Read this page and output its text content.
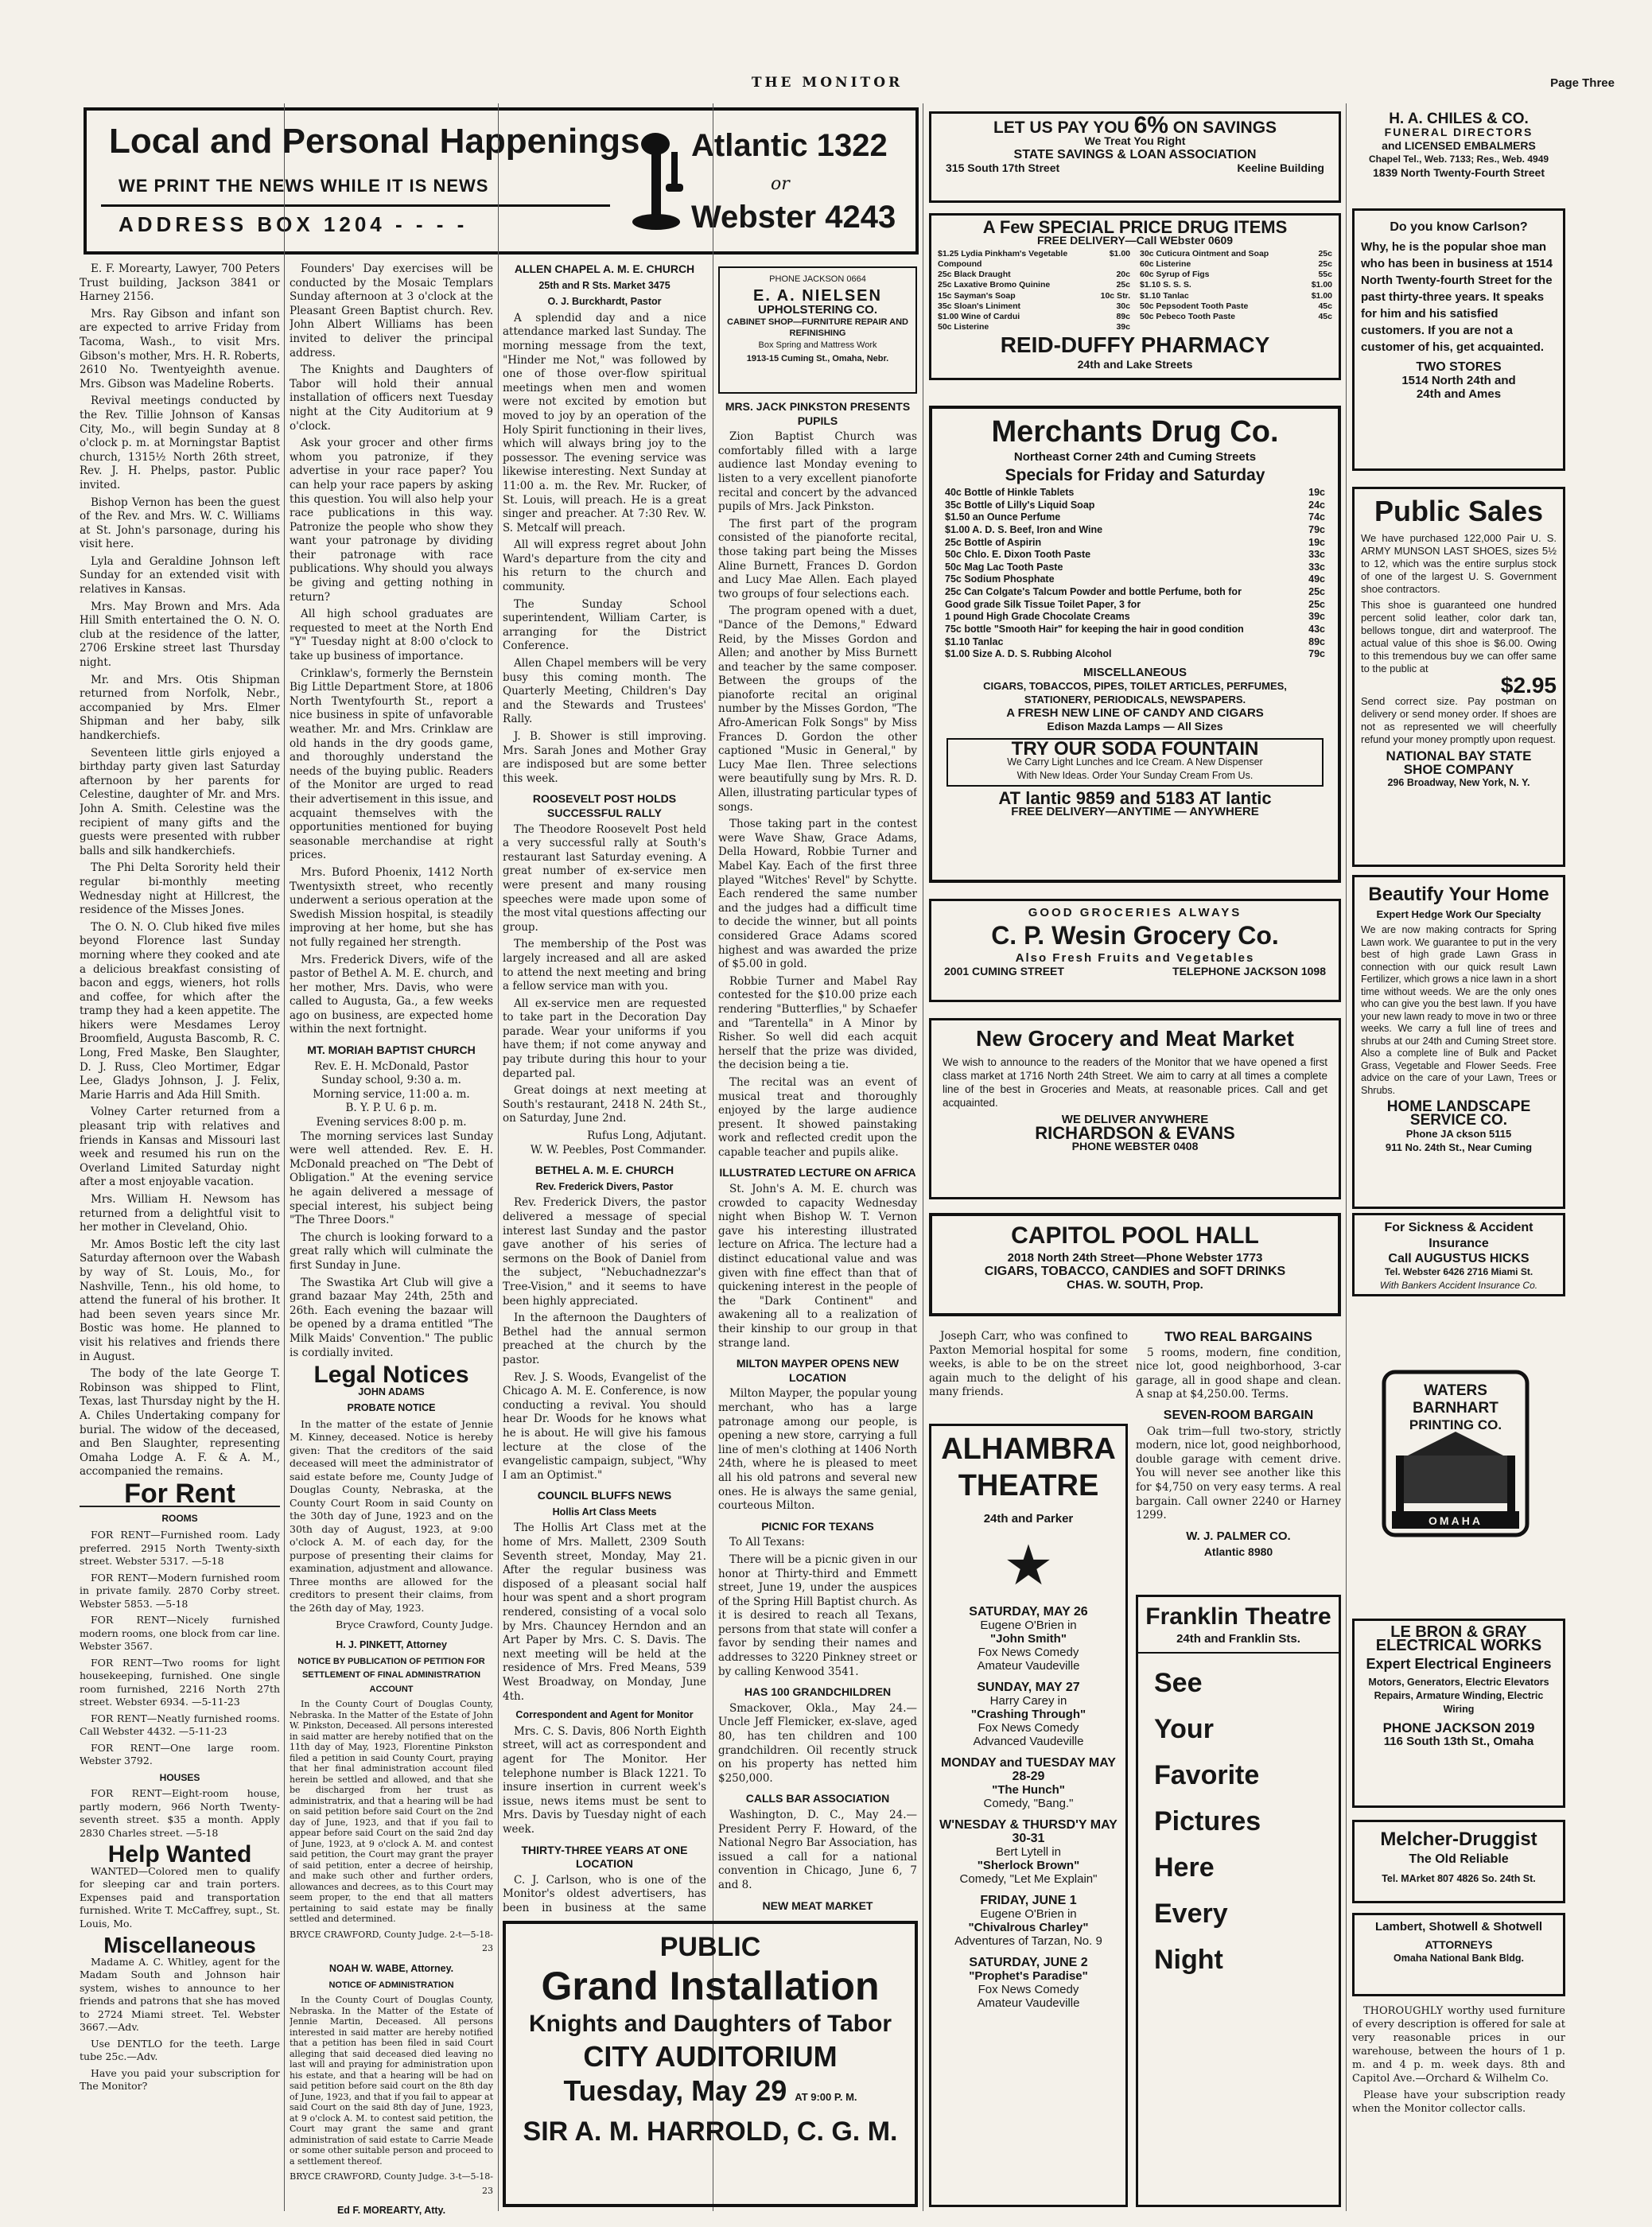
THE MONITOR	Page Three
Local and Personal Happenings
WE PRINT THE NEWS WHILE IT IS NEWS
ADDRESS BOX 1204 - - - -
Atlantic 1322
or
Webster 4243

E. F. Morearty, Lawyer, 700 Peters Trust building, Jackson 3841 or Harney 2156.

Mrs. Ray Gibson and infant son are expected to arrive Friday from Tacoma, Wash., to visit Mrs. Gibson's mother, Mrs. H. R. Roberts, 2610 No. Twentyeighth avenue. Mrs. Gibson was Madeline Roberts.

Revival meetings conducted by the Rev. Tillie Johnson of Kansas City, Mo., will begin Sunday at 8 o'clock p. m. at Morningstar Baptist church, 1315½ North 26th street, Rev. J. H. Phelps, pastor. Public invited.

Bishop Vernon has been the guest of the Rev. and Mrs. W. C. Williams at St. John's parsonage, during his visit here.

Lyla and Geraldine Johnson left Sunday for an extended visit with relatives in Kansas.

Mrs. May Brown and Mrs. Ada Hill Smith entertained the O. N. O. club at the residence of the latter, 2706 Erskine street last Thursday night.

Mr. and Mrs. Otis Shipman returned from Norfolk, Nebr., accompanied by Mrs. Elmer Shipman and her baby, silk handkerchiefs.

Seventeen little girls enjoyed a birthday party given last Saturday afternoon by her parents for Celestine, daughter of Mr. and Mrs. John A. Smith. Celestine was the recipient of many gifts and the guests were presented with rubber balls and silk handkerchiefs.

The Phi Delta Sorority held their regular bi-monthly meeting Wednesday night at Hillcrest, the residence of the Misses Jones.

The O. N. O. Club hiked five miles beyond Florence last Sunday morning where they cooked and ate a delicious breakfast consisting of bacon and eggs, wieners, hot rolls and coffee, for which after the tramp they had a keen appetite. The hikers were Mesdames Leroy Broomfield, Augusta Bascomb, R. C. Long, Fred Maske, Ben Slaughter, D. J. Russ, Cleo Mortimer, Edgar Lee, Gladys Johnson, J. J. Felix, Marie Harris and Ada Hill Smith.

Volney Carter returned from a pleasant trip with relatives and friends in Kansas and Missouri last week and resumed his run on the Overland Limited Saturday night after a most enjoyable vacation.

Mrs. William H. Newsom has returned from a delightful visit to her mother in Cleveland, Ohio.

Mr. Amos Bostic left the city last Saturday afternoon over the Wabash by way of St. Louis, Mo., for Nashville, Tenn., his old home, to attend the funeral of his brother. It had been seven years since Mr. Bostic was home. He planned to visit his relatives and friends there in August.

The body of the late George T. Robinson was shipped to Flint, Texas, last Thursday night by the H. A. Chiles Undertaking company for burial. The widow of the deceased, and Ben Slaughter, representing Omaha Lodge A. F. & A. M., accompanied the remains.

For Rent
ROOMS

FOR RENT—Furnished room. Lady preferred. 2915 North Twenty-sixth street. Webster 5317. —5-18

FOR RENT—Modern furnished room in private family. 2870 Corby street. Webster 5853. —5-18

FOR RENT—Nicely furnished modern rooms, one block from car line. Webster 3567.

FOR RENT—Two rooms for light housekeeping, furnished. One single room furnished, 2216 North 27th street. Webster 6934. —5-11-23

FOR RENT—Neatly furnished rooms. Call Webster 4432. —5-11-23

FOR RENT—One large room. Webster 3792.

HOUSES

FOR RENT—Eight-room house, partly modern, 966 North Twenty-seventh street. $35 a month. Apply 2830 Charles street. —5-18

Help Wanted

WANTED—Colored men to qualify for sleeping car and train porters. Expenses paid and transportation furnished. Write T. McCaffrey, supt., St. Louis, Mo.

Miscellaneous

Madame A. C. Whitley, agent for the Madam South and Johnson hair system, wishes to announce to her friends and patrons that she has moved to 2724 Miami street. Tel. Webster 3667.—Adv.

Use DENTLO for the teeth. Large tube 25c.—Adv.

Have you paid your subscription for The Monitor?

Founders' Day exercises will be conducted by the Mosaic Templars Sunday afternoon at 3 o'clock at the Pleasant Green Baptist church. Rev. John Albert Williams has been invited to deliver the principal address.

The Knights and Daughters of Tabor will hold their annual installation of officers next Tuesday night at the City Auditorium at 9 o'clock.

Ask your grocer and other firms whom you patronize, if they advertise in your race paper? You can help your race papers by asking this question. You will also help your race publications in this way. Patronize the people who show they want your patronage by dividing their patronage with race publications. Why should you always be giving and getting nothing in return?

All high school graduates are requested to meet at the North End "Y" Tuesday night at 8:00 o'clock to take up business of importance.

Crinklaw's, formerly the Bernstein Big Little Department Store, at 1806 North Twentyfourth St., report a nice business in spite of unfavorable weather. Mr. and Mrs. Crinklaw are old hands in the dry goods game, and thoroughly understand the needs of the buying public. Readers of the Monitor are urged to read their advertisement in this issue, and acquaint themselves with the opportunities mentioned for buying seasonable merchandise at right prices.

Mrs. Buford Phoenix, 1412 North Twentysixth street, who recently underwent a serious operation at the Swedish Mission hospital, is steadily improving at her home, but she has not fully regained her strength.

Mrs. Frederick Divers, wife of the pastor of Bethel A. M. E. church, and her mother, Mrs. Davis, who were called to Augusta, Ga., a few weeks ago on business, are expected home within the next fortnight.

MT. MORIAH BAPTIST CHURCH
Rev. E. H. McDonald, Pastor
Sunday school, 9:30 a. m.
Morning service, 11:00 a. m.
B. Y. P. U. 6 p. m.
Evening services 8:00 p. m.

The morning services last Sunday were well attended. Rev. E. H. McDonald preached on "The Debt of Obligation." At the evening service he again delivered a message of special interest, his subject being "The Three Doors."

The church is looking forward to a great rally which will culminate the first Sunday in June.

The Swastika Art Club will give a grand bazaar May 24th, 25th and 26th. Each evening the bazaar will be opened by a drama entitled "The Milk Maids' Convention." The public is cordially invited.

Legal Notices
JOHN ADAMS
PROBATE NOTICE

In the matter of the estate of Jennie M. Kinney, deceased. Notice is hereby given: That the creditors of the said deceased will meet the administrator of said estate before me, County Judge of Douglas County, Nebraska, at the County Court Room in said County on the 30th day of June, 1923 and on the 30th day of August, 1923, at 9:00 o'clock A. M. of each day, for the purpose of presenting their claims for examination, adjustment and allowance. Three months are allowed for the creditors to present their claims, from the 26th day of May, 1923.

Bryce Crawford, County Judge.
H. J. PINKETT, Attorney
NOTICE BY PUBLICATION OF PETITION FOR SETTLEMENT OF FINAL ADMINISTRATION ACCOUNT

In the County Court of Douglas County, Nebraska. In the Matter of the Estate of John W. Pinkston, Deceased. All persons interested in said matter are hereby notified that on the 11th day of May, 1923, Florentine Pinkston filed a petition in said County Court, praying that her final administration account filed herein be settled and allowed, and that she be discharged from her trust as administratrix, and that a hearing will be had on said petition before said Court on the 2nd day of June, 1923, and that if you fail to appear before said Court on the said 2nd day of June, 1923, at 9 o'clock A. M. and contest said petition, the Court may grant the prayer of said petition, enter a decree of heirship, and make such other and further orders, allowances and decrees, as to this Court may seem proper, to the end that all matters pertaining to said estate may be finally settled and determined.

BRYCE CRAWFORD, County Judge. 2-t—5-18-23
NOAH W. WABE, Attorney.
NOTICE OF ADMINISTRATION

In the County Court of Douglas County, Nebraska. In the Matter of the Estate of Jennie Martin, Deceased. All persons interested in said matter are hereby notified that a petition has been filed in said Court alleging that said deceased died leaving no last will and praying for administration upon his estate, and that a hearing will be had on said petition before said court on the 8th day of June, 1923, and that if you fail to appear at said Court on the said 8th day of June, 1923, at 9 o'clock A. M. to contest said petition, the Court may grant the same and grant administration of said estate to Carrie Meade or some other suitable person and proceed to a settlement thereof.

BRYCE CRAWFORD, County Judge. 3-t—5-18-23
Ed F. MOREARTY, Atty.

ALLEN CHAPEL A. M. E. CHURCH
25th and R Sts. Market 3475
O. J. Burckhardt, Pastor

A splendid day and a nice attendance marked last Sunday. The morning message from the text, "Hinder me Not," was followed by one of those over-flow spiritual meetings when men and women were not excited by emotion but moved to joy by an operation of the Holy Spirit functioning in their lives, which will always bring joy to the possessor. The evening service was likewise interesting. Next Sunday at 11:00 a. m. the Rev. Mr. Rucker, of St. Louis, will preach. He is a great singer and preacher. At 7:30 Rev. W. S. Metcalf will preach.

All will express regret about John Ward's departure from the city and his return to the church and community.

The Sunday School superintendent, William Carter, is arranging for the District Conference.

Allen Chapel members will be very busy this coming month. The Quarterly Meeting, Children's Day and the Stewards and Trustees' Rally.

J. B. Shower is still improving. Mrs. Sarah Jones and Mother Gray are indisposed but are some better this week.

ROOSEVELT POST HOLDS SUCCESSFUL RALLY

The Theodore Roosevelt Post held a very successful rally at South's restaurant last Saturday evening. A great number of ex-service men were present and many rousing speeches were made upon some of the most vital questions affecting our group.

The membership of the Post was largely increased and all are asked to attend the next meeting and bring a fellow service man with you.

All ex-service men are requested to take part in the Decoration Day parade. Wear your uniforms if you have them; if not come anyway and pay tribute during this hour to your departed pal.

Great doings at next meeting at South's restaurant, 2418 N. 24th St., on Saturday, June 2nd.

Rufus Long, Adjutant.
W. W. Peebles, Post Commander.
BETHEL A. M. E. CHURCH
Rev. Frederick Divers, Pastor

Rev. Frederick Divers, the pastor delivered a message of special interest last Sunday and the pastor gave another of his series of sermons on the Book of Daniel from the subject, "Nebuchadnezzar's Tree-Vision," and it seems to have been highly appreciated.

In the afternoon the Daughters of Bethel had the annual sermon preached at the church by the pastor.

Rev. J. S. Woods, Evangelist of the Chicago A. M. E. Conference, is now conducting a revival. You should hear Dr. Woods for he knows what he is about. He will give his famous lecture at the close of the evangelistic campaign, subject, "Why I am an Optimist."

COUNCIL BLUFFS NEWS
Hollis Art Class Meets

The Hollis Art Class met at the home of Mrs. Mallett, 2309 South Seventh street, Monday, May 21. After the regular business was disposed of a pleasant social half hour was spent and a short program rendered, consisting of a vocal solo by Mrs. Chauncey Herndon and an Art Paper by Mrs. C. S. Davis. The next meeting will be held at the residence of Mrs. Fred Means, 539 West Broadway, on Monday, June 4th.

Correspondent and Agent for Monitor

Mrs. C. S. Davis, 806 North Eighth street, will act as correspondent and agent for The Monitor. Her telephone number is Black 1221. To insure insertion in current week's issue, news items must be sent to Mrs. Davis by Tuesday night of each week.

THIRTY-THREE YEARS AT ONE LOCATION

C. J. Carlson, who is one of the Monitor's oldest advertisers, has been in business at the same

PHONE JACKSON 0664
E. A. NIELSEN
UPHOLSTERING CO.
CABINET SHOP—FURNITURE REPAIR AND REFINISHING
Box Spring and Mattress Work
1913-15 Cuming St., Omaha, Nebr.
MRS. JACK PINKSTON PRESENTS PUPILS

Zion Baptist Church was comfortably filled with a large audience last Monday evening to listen to a very excellent pianoforte recital and concert by the advanced pupils of Mrs. Jack Pinkston.

The first part of the program consisted of the pianoforte recital, those taking part being the Misses Aline Burnett, Frances D. Gordon and Lucy Mae Allen. Each played two groups of four selections each.

The program opened with a duet, "Dance of the Demons," Edward Reid, by the Misses Gordon and Allen; and another by Miss Burnett and teacher by the same composer. Between the groups of the pianoforte recital an original number by the Misses Gordon, "The Afro-American Folk Songs" by Miss Frances D. Gordon the other captioned "Music in General," by Lucy Mae Ilen. Three selections were beautifully sung by Mrs. R. D. Allen, illustrating particular types of songs.

Those taking part in the contest were Wave Shaw, Grace Adams, Della Howard, Robbie Turner and Mabel Kay. Each of the first three played "Witches' Revel" by Schytte. Each rendered the same number and the judges had a difficult time to decide the winner, but all points considered Grace Adams scored highest and was awarded the prize of $5.00 in gold.

Robbie Turner and Mabel Ray contested for the $10.00 prize each rendering "Butterflies," by Schaefer and "Tarentella" in A Minor by Risher. So well did each acquit herself that the prize was divided, the decision being a tie.

The recital was an event of musical treat and thoroughly enjoyed by the large audience present. It showed painstaking work and reflected credit upon the capable teacher and pupils alike.

ILLUSTRATED LECTURE ON AFRICA

St. John's A. M. E. church was crowded to capacity Wednesday night when Bishop W. T. Vernon gave his interesting illustrated lecture on Africa. The lecture had a distinct educational value and was given with fine effect than that of quickening interest in the people of the "Dark Continent" and awakening all to a realization of their kinship to our group in that strange land.

MILTON MAYPER OPENS NEW LOCATION

Milton Mayper, the popular young merchant, who has a large patronage among our people, is opening a new store, carrying a full line of men's clothing at 1406 North 24th, where he is pleased to meet all his old patrons and several new ones. He is always the same genial, courteous Milton.

PICNIC FOR TEXANS

To All Texans:

There will be a picnic given in our honor at Thirty-third and Emmett street, June 19, under the auspices of the Spring Hill Baptist church. As it is desired to reach all Texans, persons from that state will confer a favor by sending their names and addresses to 3220 Pinkney street or by calling Kenwood 3541.

HAS 100 GRANDCHILDREN

Smackover, Okla., May 24.—Uncle Jeff Flemicker, ex-slave, aged 80, has ten children and 100 grandchildren. Oil recently struck on his property has netted him $250,000.

CALLS BAR ASSOCIATION

Washington, D. C., May 24.—President Perry F. Howard, of the National Negro Bar Association, has issued a call for a national convention in Chicago, June 6, 7 and 8.

NEW MEAT MARKET

PUBLIC
Grand Installation
Knights and Daughters of Tabor
CITY AUDITORIUM
Tuesday, May 29 AT 9:00 P. M.
SIR A. M. HARROLD, C. G. M.
LET US PAY YOU 6% ON SAVINGS
We Treat You Right
STATE SAVINGS & LOAN ASSOCIATION
315 South 17th Street	Keeline Building
A Few SPECIAL PRICE DRUG ITEMS
FREE DELIVERY—Call WEbster 0609
$1.25 Lydia Pinkham's Vegetable Compound
$1.00
25c Black Draught	20c
25c Laxative Bromo Quinine	25c
15c Sayman's Soap	10c Str.
35c Sloan's Liniment	30c
$1.00 Wine of Cardui	89c
50c Listerine	39c
30c Cuticura Ointment and Soap	25c
60c Listerine	25c
60c Syrup of Figs	55c
$1.10 S. S. S.	$1.00
$1.10 Tanlac	$1.00
50c Pepsodent Tooth Paste	45c
50c Pebeco Tooth Paste	45c
REID-DUFFY PHARMACY
24th and Lake Streets
Merchants Drug Co.
Northeast Corner 24th and Cuming Streets
Specials for Friday and Saturday
40c Bottle of Hinkle Tablets	19c
35c Bottle of Lilly's Liquid Soap	24c
$1.50 an Ounce Perfume	74c
$1.00 A. D. S. Beef, Iron and Wine	79c
25c Bottle of Aspirin	19c
50c Chlo. E. Dixon Tooth Paste	33c
50c Mag Lac Tooth Paste	33c
75c Sodium Phosphate	49c
25c Can Colgate's Talcum Powder and bottle Perfume, both for	25c
Good grade Silk Tissue Toilet Paper, 3 for	25c
1 pound High Grade Chocolate Creams	39c
75c bottle "Smooth Hair" for keeping the hair in good condition	43c
$1.10 Tanlac	89c
$1.00 Size A. D. S. Rubbing Alcohol	79c
MISCELLANEOUS
CIGARS, TOBACCOS, PIPES, TOILET ARTICLES, PERFUMES,
STATIONERY, PERIODICALS, NEWSPAPERS.
A FRESH NEW LINE OF CANDY AND CIGARS
Edison Mazda Lamps — All Sizes
TRY OUR SODA FOUNTAIN
We Carry Light Lunches and Ice Cream. A New Dispenser
With New Ideas. Order Your Sunday Cream From Us.
AT lantic 9859 and 5183 AT lantic
FREE DELIVERY—ANYTIME — ANYWHERE
GOOD GROCERIES ALWAYS
C. P. Wesin Grocery Co.
Also Fresh Fruits and Vegetables
2001 CUMING STREET	TELEPHONE JACKSON 1098
New Grocery and Meat Market
We wish to announce to the readers of the Monitor that we have opened a first class market at 1716 North 24th Street. We aim to carry at all times a complete line of the best in Groceries and Meats, at reasonable prices. Call and get acquainted.
WE DELIVER ANYWHERE
RICHARDSON & EVANS
PHONE WEBSTER 0408
CAPITOL POOL HALL
2018 North 24th Street—Phone Webster 1773
CIGARS, TOBACCO, CANDIES and SOFT DRINKS
CHAS. W. SOUTH, Prop.

Joseph Carr, who was confined to Paxton Memorial hospital for some weeks, is able to be on the street again much to the delight of his many friends.

ALHAMBRA
THEATRE
24th and Parker
★
SATURDAY, MAY 26
Eugene O'Brien in
"John Smith"
Fox News Comedy
Amateur Vaudeville
SUNDAY, MAY 27
Harry Carey in
"Crashing Through"
Fox News Comedy
Advanced Vaudeville
MONDAY and TUESDAY MAY 28-29
"The Hunch"
Comedy, "Bang."
W'NESDAY & THURSD'Y MAY 30-31
Bert Lytell in
"Sherlock Brown"
Comedy, "Let Me Explain"
FRIDAY, JUNE 1
Eugene O'Brien in
"Chivalrous Charley"
Adventures of Tarzan, No. 9
SATURDAY, JUNE 2
"Prophet's Paradise"
Fox News Comedy
Amateur Vaudeville
TWO REAL BARGAINS

5 rooms, modern, fine condition, nice lot, good neighborhood, 3-car garage, all in good shape and clean. A snap at $4,250.00. Terms.

SEVEN-ROOM BARGAIN

Oak trim—full two-story, strictly modern, nice lot, good neighborhood, double garage with cement drive. You will never see another like this for $4,750 on very easy terms. A real bargain. Call owner 2240 or Harney 1299.

W. J. PALMER CO.
Atlantic 8980
Franklin Theatre
24th and Franklin Sts.
See
Your
Favorite
Pictures
Here
Every
Night
H. A. CHILES & CO.
FUNERAL DIRECTORS
and LICENSED EMBALMERS
Chapel Tel., Web. 7133; Res., Web. 4949
1839 North Twenty-Fourth Street
Do you know Carlson?
Why, he is the popular shoe man who has been in business at 1514 North Twenty-fourth Street for the past thirty-three years. It speaks for him and his satisfied customers. If you are not a customer of his, get acquainted.
TWO STORES
1514 North 24th and
24th and Ames
Public Sales
We have purchased 122,000 Pair U. S. ARMY MUNSON LAST SHOES, sizes 5½ to 12, which was the entire surplus stock of one of the largest U. S. Government shoe contractors.
This shoe is guaranteed one hundred percent solid leather, color dark tan, bellows tongue, dirt and waterproof. The actual value of this shoe is $6.00. Owing to this tremendous buy we can offer same to the public at
$2.95
Send correct size. Pay postman on delivery or send money order. If shoes are not as represented we will cheerfully refund your money promptly upon request.
NATIONAL BAY STATE
SHOE COMPANY
296 Broadway, New York, N. Y.
Beautify Your Home
Expert Hedge Work Our Specialty
We are now making contracts for Spring Lawn work. We guarantee to put in the very best of high grade Lawn Grass in connection with our quick result Lawn Fertilizer, which grows a nice lawn in a short time without weeds. We are the only ones who can give you the best lawn. If you have your new lawn ready to move in two or three weeks. We carry a full line of trees and shrubs at our 24th and Cuming Street store. Also a complete line of Bulk and Packet Grass, Vegetable and Flower Seeds. Free advice on the care of your Lawn, Trees or Shrubs.
HOME LANDSCAPE
SERVICE CO.
Phone JA ckson 5115
911 No. 24th St., Near Cuming
For Sickness & Accident Insurance
Call AUGUSTUS HICKS
Tel. Webster 6426 2716 Miami St.
With Bankers Accident Insurance Co.
WATERS
BARNHART
PRINTING CO.
OMAHA
LE BRON & GRAY
ELECTRICAL WORKS
Expert Electrical Engineers
Motors, Generators, Electric Elevators Repairs, Armature Winding, Electric Wiring
PHONE JACKSON 2019
116 South 13th St., Omaha
Melcher-Druggist
The Old Reliable
Tel. MArket 807 4826 So. 24th St.
Lambert, Shotwell & Shotwell
ATTORNEYS
Omaha National Bank Bldg.

THOROUGHLY worthy used furniture of every description is offered for sale at very reasonable prices in our warehouse, between the hours of 1 p. m. and 4 p. m. week days. 8th and Capitol Ave.—Orchard & Wilhelm Co.

Please have your subscription ready when the Monitor collector calls.
